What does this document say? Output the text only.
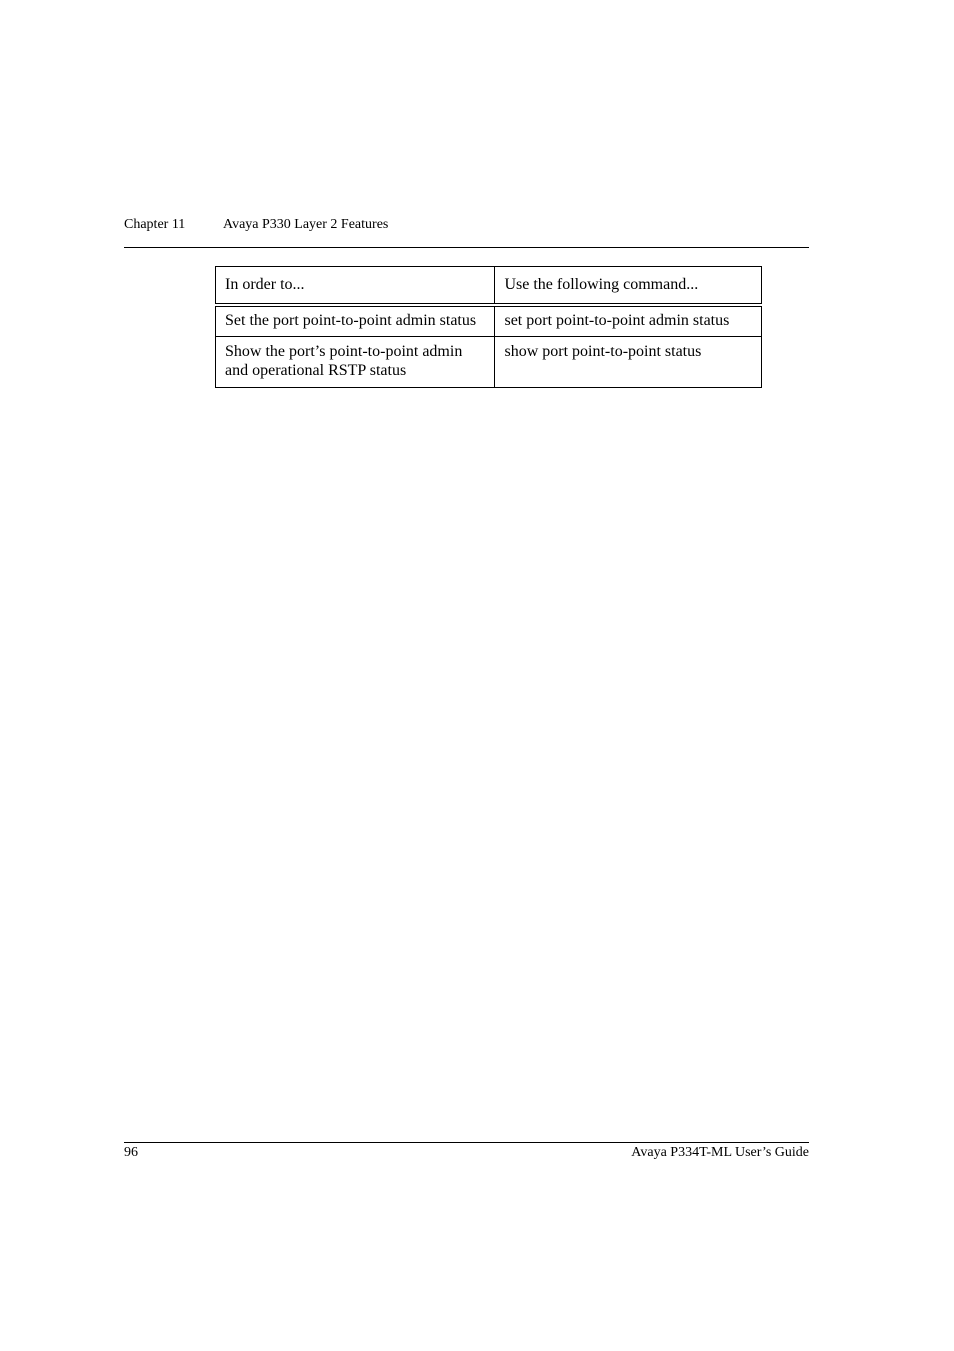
Chapter 11	Avaya P330 Layer 2 Features
In order to...	Use the following command...
Set the port point-to-point admin status	set port point-to-point admin status
Show the port’s point-to-point admin and operational RSTP status	show port point-to-point status
96	Avaya P334T-ML User’s Guide
